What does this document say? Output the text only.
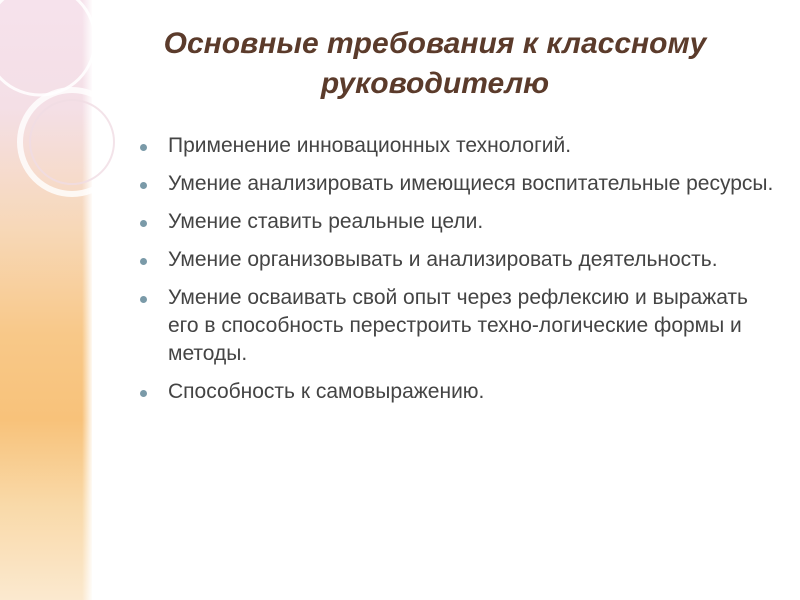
Основные требования к классному
руководителю
Применение инновационных технологий.
Умение анализировать имеющиеся воспитательные ресурсы.
Умение ставить реальные цели.
Умение организовывать и анализировать деятельность.
Умение осваивать свой опыт через рефлексию и выражать его в способность перестроить техно-логические формы и методы.
Способность к самовыражению.
